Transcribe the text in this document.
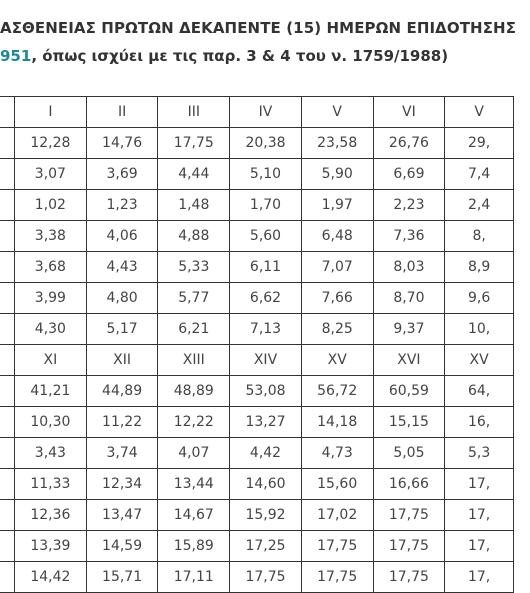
ΑΣΘΕΝΕΙΑΣ ΠΡΩΤΩΝ ΔΕΚΑΠΕΝΤΕ (15) ΗΜΕΡΩΝ ΕΠΙΔΟΤΗΣΗΣ
951, όπως ισχύει με τις παρ. 3 & 4 του ν. 1759/1988)
	I	II	III	IV	V	VI	V
	12,28	14,76	17,75	20,38	23,58	26,76	29,
	3,07	3,69	4,44	5,10	5,90	6,69	7,4
	1,02	1,23	1,48	1,70	1,97	2,23	2,4
	3,38	4,06	4,88	5,60	6,48	7,36	8,
	3,68	4,43	5,33	6,11	7,07	8,03	8,9
	3,99	4,80	5,77	6,62	7,66	8,70	9,6
	4,30	5,17	6,21	7,13	8,25	9,37	10,
	XI	XII	XIII	XIV	XV	XVI	XV
	41,21	44,89	48,89	53,08	56,72	60,59	64,
	10,30	11,22	12,22	13,27	14,18	15,15	16,
	3,43	3,74	4,07	4,42	4,73	5,05	5,3
	11,33	12,34	13,44	14,60	15,60	16,66	17,
	12,36	13,47	14,67	15,92	17,02	17,75	17,
	13,39	14,59	15,89	17,25	17,75	17,75	17,
	14,42	15,71	17,11	17,75	17,75	17,75	17,
